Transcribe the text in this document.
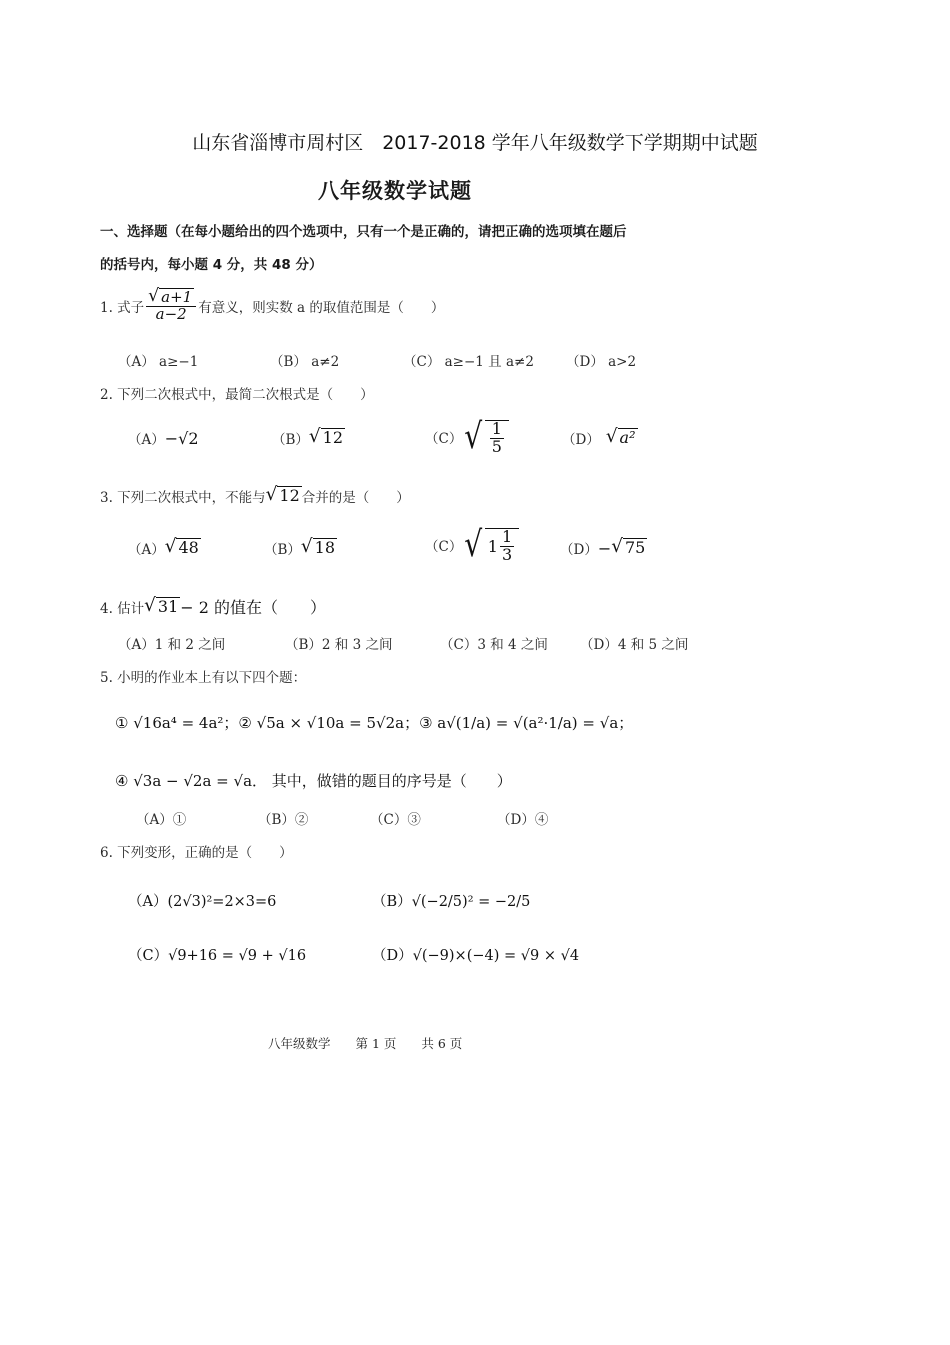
山东省淄博市周村区　2017-2018 学年八年级数学下学期期中试题
八年级数学试题
一、选择题（在每小题给出的四个选项中，只有一个是正确的，请把正确的选项填在题后
的括号内，每小题 4 分，共 48 分）
1. 式子 $\frac{√ a+1}{a-2}$ 有意义，则实数 a 的取值范围是（　　）
（A） a≥−1	（B） a≠2	（C） a≥−1 且 a≠2 （D） a>2
2. 下列二次根式中，最简二次根式是（　　）
（A） −√2	（B） √ 12	（C） √ $\frac{1}{5}$	（D） √ a²
3. 下列二次根式中，不能与 √ 12 合并的是（　　）
（A） √ 48	（B） √ 18	（C） √ $1 \frac{1}{3}$	（D） − √ 75
4. 估计 √ 31 − 2 的值在（　　）
（A）1 和 2 之间	（B）2 和 3 之间	（C）3 和 4 之间 （D）4 和 5 之间
5. 小明的作业本上有以下四个题：
① √16a⁴ = 4a²；② √5a × √10a = 5√2a；③ a√(1/a) = √(a²·1/a) = √a；
④ √3a − √2a = √a． 其中，做错的题目的序号是（　　）
（A）①	（B）②	（C）③	（D）④
6. 下列变形，正确的是（　　）
（A）(2√3)²=2×3=6	（B）√(−2/5)² = −2/5
（C）√9+16 = √9 + √16	（D）√(−9)×(−4) = √9 × √4
八年级数学　　第 1 页　　共 6 页
